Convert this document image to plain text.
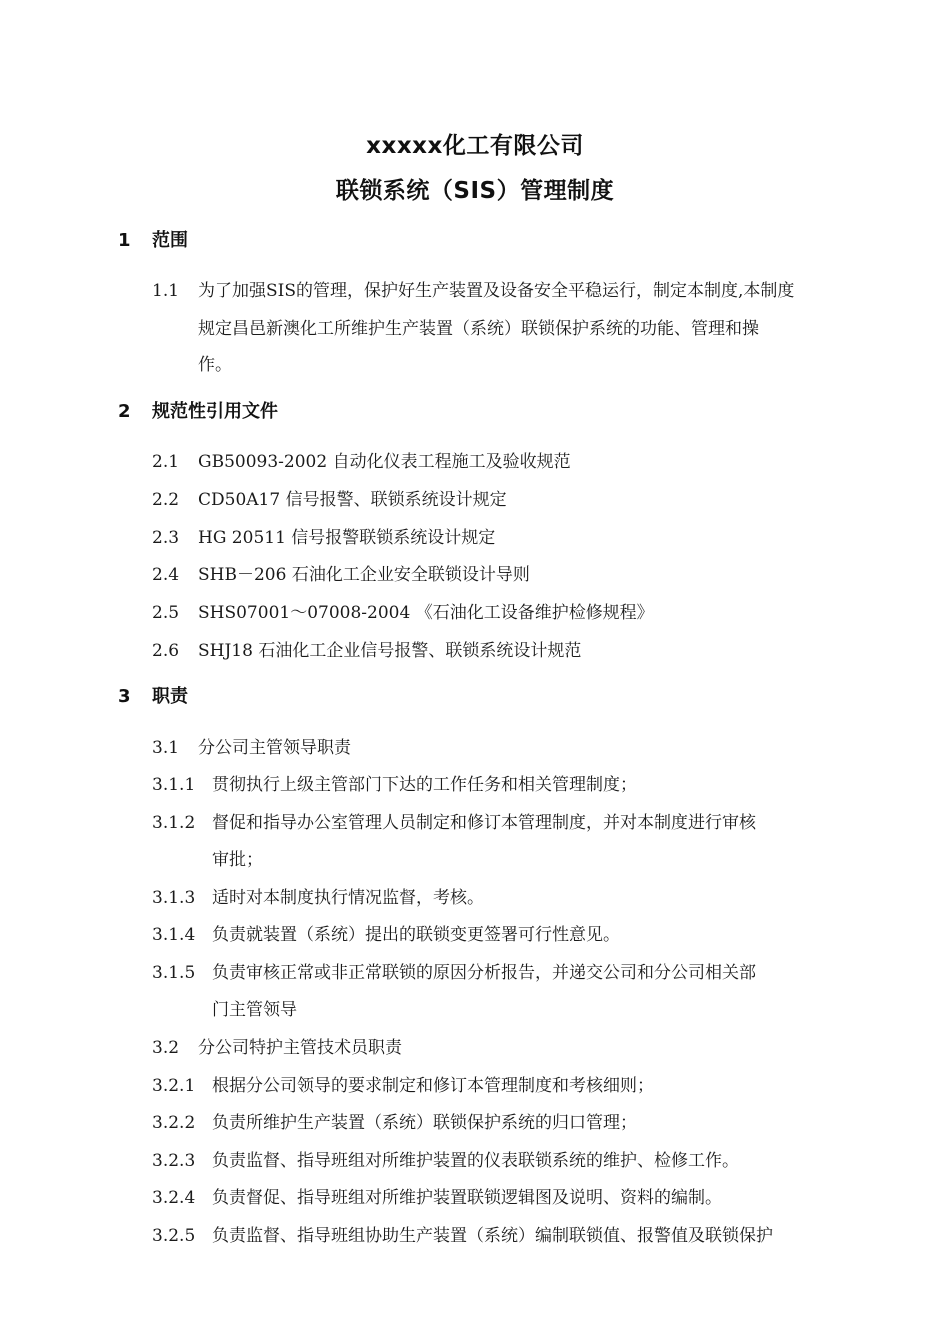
xxxxx化工有限公司
联锁系统（SIS）管理制度
1 范围
1.1 为了加强SIS的管理，保护好生产装置及设备安全平稳运行，制定本制度,本制度
规定昌邑新澳化工所维护生产装置（系统）联锁保护系统的功能、管理和操
作。
2 规范性引用文件
2.1 GB50093-2002 自动化仪表工程施工及验收规范
2.2 CD50A17 信号报警、联锁系统设计规定
2.3 HG 20511 信号报警联锁系统设计规定
2.4 SHB－206 石油化工企业安全联锁设计导则
2.5 SHS07001～07008-2004 《石油化工设备维护检修规程》
2.6 SHJ18 石油化工企业信号报警、联锁系统设计规范
3 职责
3.1 分公司主管领导职责
3.1.1 贯彻执行上级主管部门下达的工作任务和相关管理制度；
3.1.2 督促和指导办公室管理人员制定和修订本管理制度，并对本制度进行审核
审批；
3.1.3 适时对本制度执行情况监督，考核。
3.1.4 负责就装置（系统）提出的联锁变更签署可行性意见。
3.1.5 负责审核正常或非正常联锁的原因分析报告，并递交公司和分公司相关部
门主管领导
3.2 分公司特护主管技术员职责
3.2.1 根据分公司领导的要求制定和修订本管理制度和考核细则；
3.2.2 负责所维护生产装置（系统）联锁保护系统的归口管理；
3.2.3 负责监督、指导班组对所维护装置的仪表联锁系统的维护、检修工作。
3.2.4 负责督促、指导班组对所维护装置联锁逻辑图及说明、资料的编制。
3.2.5 负责监督、指导班组协助生产装置（系统）编制联锁值、报警值及联锁保护
